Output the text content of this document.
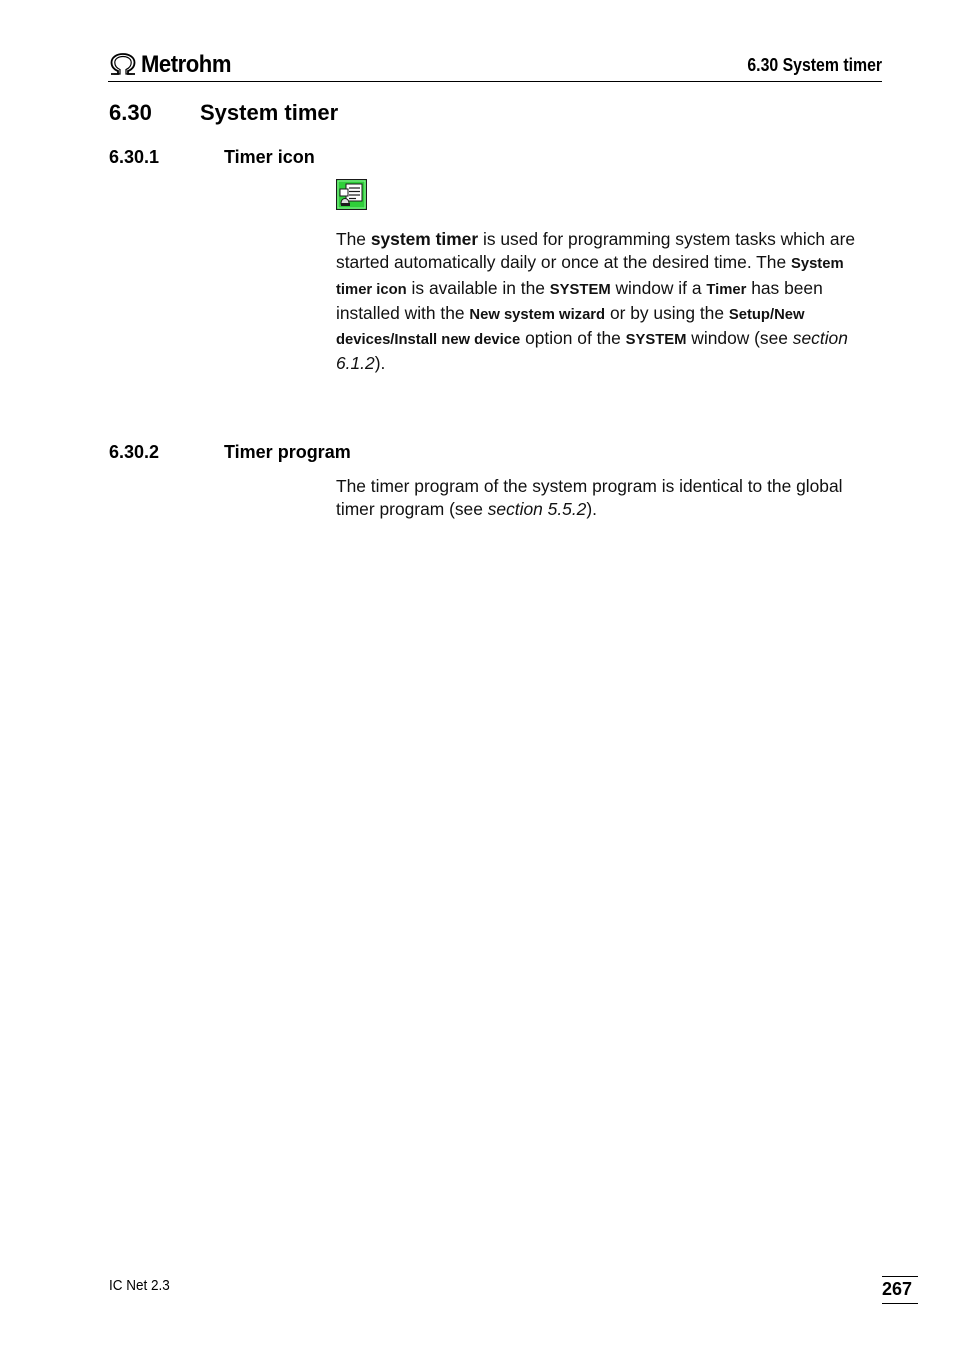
Metrohm	6.30 System timer
6.30 System timer
6.30.1	Timer icon
The system timer is used for programming system tasks which are started automatically daily or once at the desired time. The System timer icon is available in the SYSTEM window if a Timer has been installed with the New system wizard or by using the Setup/New devices/Install new device option of the SYSTEM window (see section 6.1.2).
6.30.2	Timer program
The timer program of the system program is identical to the global timer program (see section 5.5.2).
IC Net 2.3	267
